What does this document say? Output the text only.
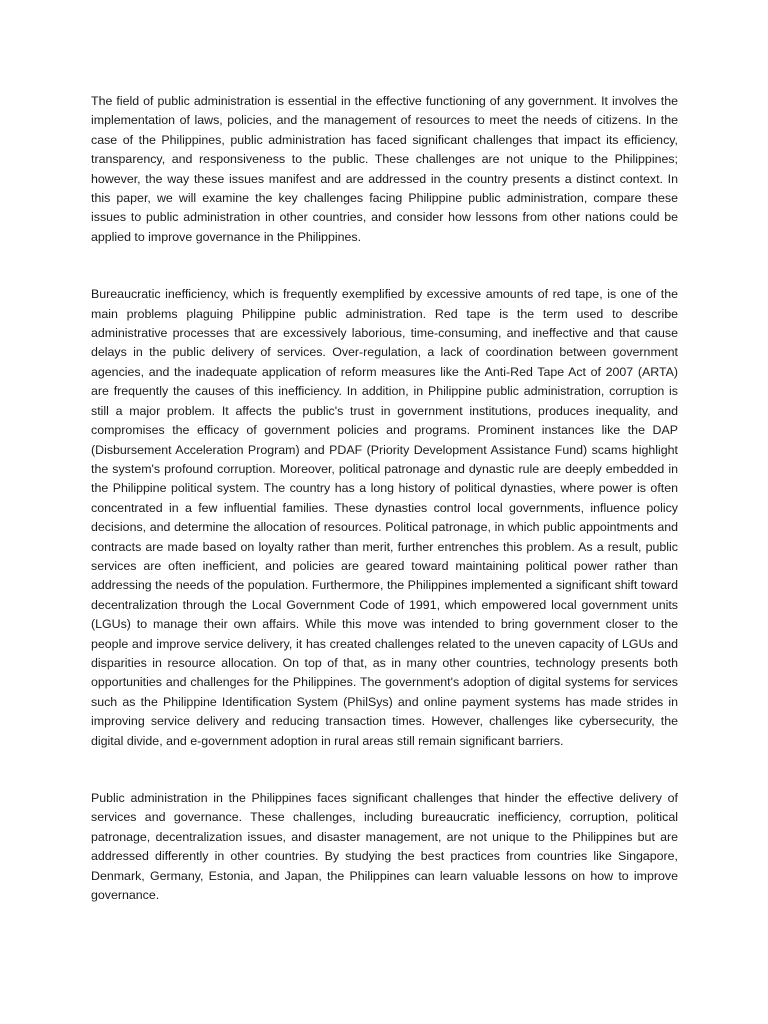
The field of public administration is essential in the effective functioning of any government. It involves the implementation of laws, policies, and the management of resources to meet the needs of citizens. In the case of the Philippines, public administration has faced significant challenges that impact its efficiency, transparency, and responsiveness to the public. These challenges are not unique to the Philippines; however, the way these issues manifest and are addressed in the country presents a distinct context. In this paper, we will examine the key challenges facing Philippine public administration, compare these issues to public administration in other countries, and consider how lessons from other nations could be applied to improve governance in the Philippines.

Bureaucratic inefficiency, which is frequently exemplified by excessive amounts of red tape, is one of the main problems plaguing Philippine public administration. Red tape is the term used to describe administrative processes that are excessively laborious, time-consuming, and ineffective and that cause delays in the public delivery of services. Over-regulation, a lack of coordination between government agencies, and the inadequate application of reform measures like the Anti-Red Tape Act of 2007 (ARTA) are frequently the causes of this inefficiency. In addition, in Philippine public administration, corruption is still a major problem. It affects the public's trust in government institutions, produces inequality, and compromises the efficacy of government policies and programs. Prominent instances like the DAP (Disbursement Acceleration Program) and PDAF (Priority Development Assistance Fund) scams highlight the system's profound corruption. Moreover, political patronage and dynastic rule are deeply embedded in the Philippine political system. The country has a long history of political dynasties, where power is often concentrated in a few influential families. These dynasties control local governments, influence policy decisions, and determine the allocation of resources. Political patronage, in which public appointments and contracts are made based on loyalty rather than merit, further entrenches this problem. As a result, public services are often inefficient, and policies are geared toward maintaining political power rather than addressing the needs of the population. Furthermore, the Philippines implemented a significant shift toward decentralization through the Local Government Code of 1991, which empowered local government units (LGUs) to manage their own affairs. While this move was intended to bring government closer to the people and improve service delivery, it has created challenges related to the uneven capacity of LGUs and disparities in resource allocation. On top of that, as in many other countries, technology presents both opportunities and challenges for the Philippines. The government's adoption of digital systems for services such as the Philippine Identification System (PhilSys) and online payment systems has made strides in improving service delivery and reducing transaction times. However, challenges like cybersecurity, the digital divide, and e-government adoption in rural areas still remain significant barriers.

Public administration in the Philippines faces significant challenges that hinder the effective delivery of services and governance. These challenges, including bureaucratic inefficiency, corruption, political patronage, decentralization issues, and disaster management, are not unique to the Philippines but are addressed differently in other countries. By studying the best practices from countries like Singapore, Denmark, Germany, Estonia, and Japan, the Philippines can learn valuable lessons on how to improve governance.
